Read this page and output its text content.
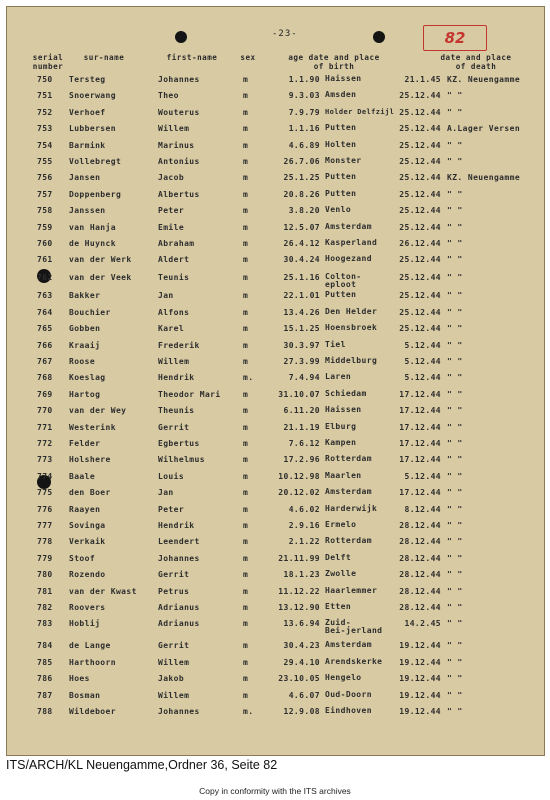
-23-	82
serial
number
sur-name	first-name	sex	age date and place
of birth
date and place
of death
750 Tersteg	Johannes	m	1.1.90 Haissen	21.1.45 KZ. Neuengamme
751 Snoerwang	Theo	m	9.3.03 Amsden	25.12.44 " "
752 Verhoef	Wouterus	m	7.9.79 Holder Delfzijl 25.12.44 " "
753 Lubbersen	Willem	m	1.1.16 Putten	25.12.44 A.Lager Versen
754 Barmink	Marinus	m	4.6.89 Holten	25.12.44 " "
755 Vollebregt	Antonius	m	26.7.06 Monster	25.12.44 " "
756 Jansen	Jacob	m	25.1.25 Putten	25.12.44 KZ. Neuengamme
757 Doppenberg	Albertus	m	20.8.26 Putten	25.12.44 " "
758 Janssen	Peter	m	3.8.20 Venlo	25.12.44 " "
759 van Hanja	Emile	m	12.5.07 Amsterdam	25.12.44 " "
760 de Huynck	Abraham	m	26.4.12 Kasperland	26.12.44 " "
761 van der Werk	Aldert	m	30.4.24 Hoogezand	25.12.44 " "
762 van der Veek	Teunis	m	25.1.16 Colton-
eploot
25.12.44 " "
763 Bakker	Jan	m	22.1.01 Putten	25.12.44 " "
764 Bouchier	Alfons	m	13.4.26 Den Helder	25.12.44 " "
765 Gobben	Karel	m	15.1.25 Hoensbroek	25.12.44 " "
766 Kraaij	Frederik	m	30.3.97 Tiel	5.12.44 " "
767 Roose	Willem	m	27.3.99 Middelburg	5.12.44 " "
768 Koeslag	Hendrik	m.	7.4.94 Laren	5.12.44 " "
769 Hartog	Theodor Mari	m	31.10.07 Schiedam	17.12.44 " "
770 van der Wey	Theunis	m	6.11.20 Haissen	17.12.44 " "
771 Westerink	Gerrit	m	21.1.19 Elburg	17.12.44 " "
772 Felder	Egbertus	m	7.6.12 Kampen	17.12.44 " "
773 Holshere	Wilhelmus	m	17.2.96 Rotterdam	17.12.44 " "
774 Baale	Louis	m	10.12.98 Maarlen	5.12.44 " "
775 den Boer	Jan	m	20.12.02 Amsterdam	17.12.44 " "
776 Raayen	Peter	m	4.6.02 Harderwijk	8.12.44 " "
777 Sovinga	Hendrik	m	2.9.16 Ermelo	28.12.44 " "
778 Verkaik	Leendert	m	2.1.22 Rotterdam	28.12.44 " "
779 Stoof	Johannes	m	21.11.99 Delft	28.12.44 " "
780 Rozendo	Gerrit	m	18.1.23 Zwolle	28.12.44 " "
781 van der Kwast	Petrus	m	11.12.22 Haarlemmer	28.12.44 " "
782 Roovers	Adrianus	m	13.12.90 Etten	28.12.44 " "
783 Hoblij	Adrianus	m	13.6.94 Zuid-
Bei-jerland
14.2.45 " "
784 de Lange	Gerrit	m	30.4.23 Amsterdam	19.12.44 " "
785 Harthoorn	Willem	m	29.4.10 Arendskerke	19.12.44 " "
786 Hoes	Jakob	m	23.10.05 Hengelo	19.12.44 " "
787 Bosman	Willem	m	4.6.07 Oud-Doorn	19.12.44 " "
788 Wildeboer	Johannes	m.	12.9.08 Eindhoven	19.12.44 " "
ITS/ARCH/KL Neuengamme,Ordner 36, Seite 82
Copy in conformity with the ITS archives
